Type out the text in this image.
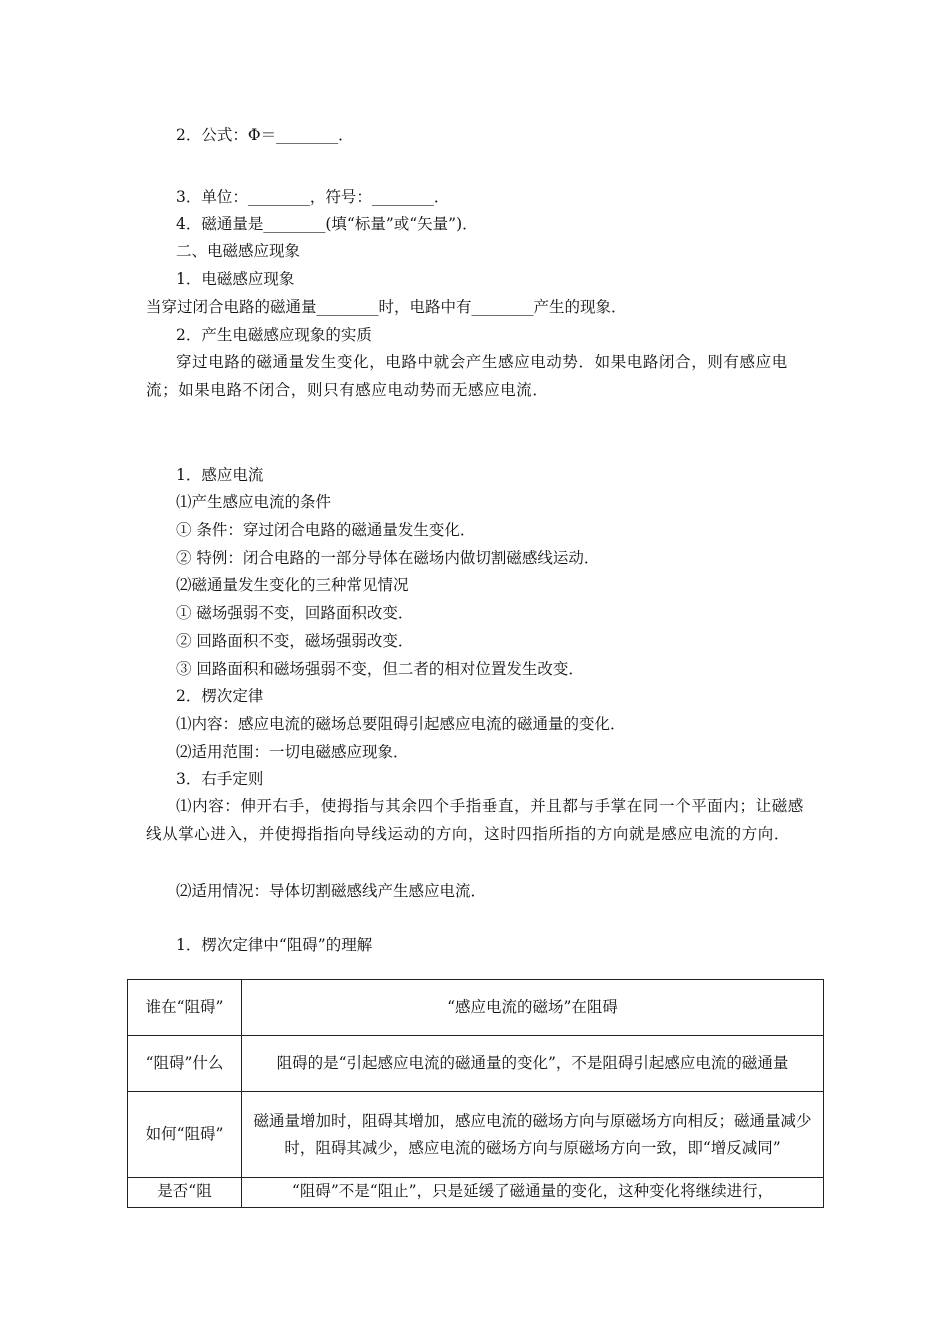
2．公式：Φ＝________．
3．单位：________，符号：________．
4．磁通量是________(填“标量”或“矢量”)．
二、电磁感应现象
1．电磁感应现象
当穿过闭合电路的磁通量________时，电路中有________产生的现象．
2．产生电磁感应现象的实质
穿过电路的磁通量发生变化，电路中就会产生感应电动势．如果电路闭合，则有感应电流；如果电路不闭合，则只有感应电动势而无感应电流．
1．感应电流
⑴产生感应电流的条件
① 条件：穿过闭合电路的磁通量发生变化．
② 特例：闭合电路的一部分导体在磁场内做切割磁感线运动．
⑵磁通量发生变化的三种常见情况
① 磁场强弱不变，回路面积改变．
② 回路面积不变，磁场强弱改变．
③ 回路面积和磁场强弱不变，但二者的相对位置发生改变．
2．楞次定律
⑴内容：感应电流的磁场总要阻碍引起感应电流的磁通量的变化．
⑵适用范围：一切电磁感应现象．
3．右手定则
⑴内容：伸开右手，使拇指与其余四个手指垂直，并且都与手掌在同一个平面内；让磁感线从掌心进入，并使拇指指向导线运动的方向，这时四指所指的方向就是感应电流的方向．
⑵适用情况：导体切割磁感线产生感应电流．
1．楞次定律中“阻碍”的理解
谁在“阻碍”	“感应电流的磁场”在阻碍
“阻碍”什么	阻碍的是“引起感应电流的磁通量的变化”，不是阻碍引起感应电流的磁通量
如何“阻碍”	磁通量增加时，阻碍其增加，感应电流的磁场方向与原磁场方向相反；磁通量减少时，阻碍其减少，感应电流的磁场方向与原磁场方向一致，即“增反减同”
是否“阻	“阻碍”不是“阻止”，只是延缓了磁通量的变化，这种变化将继续进行，
